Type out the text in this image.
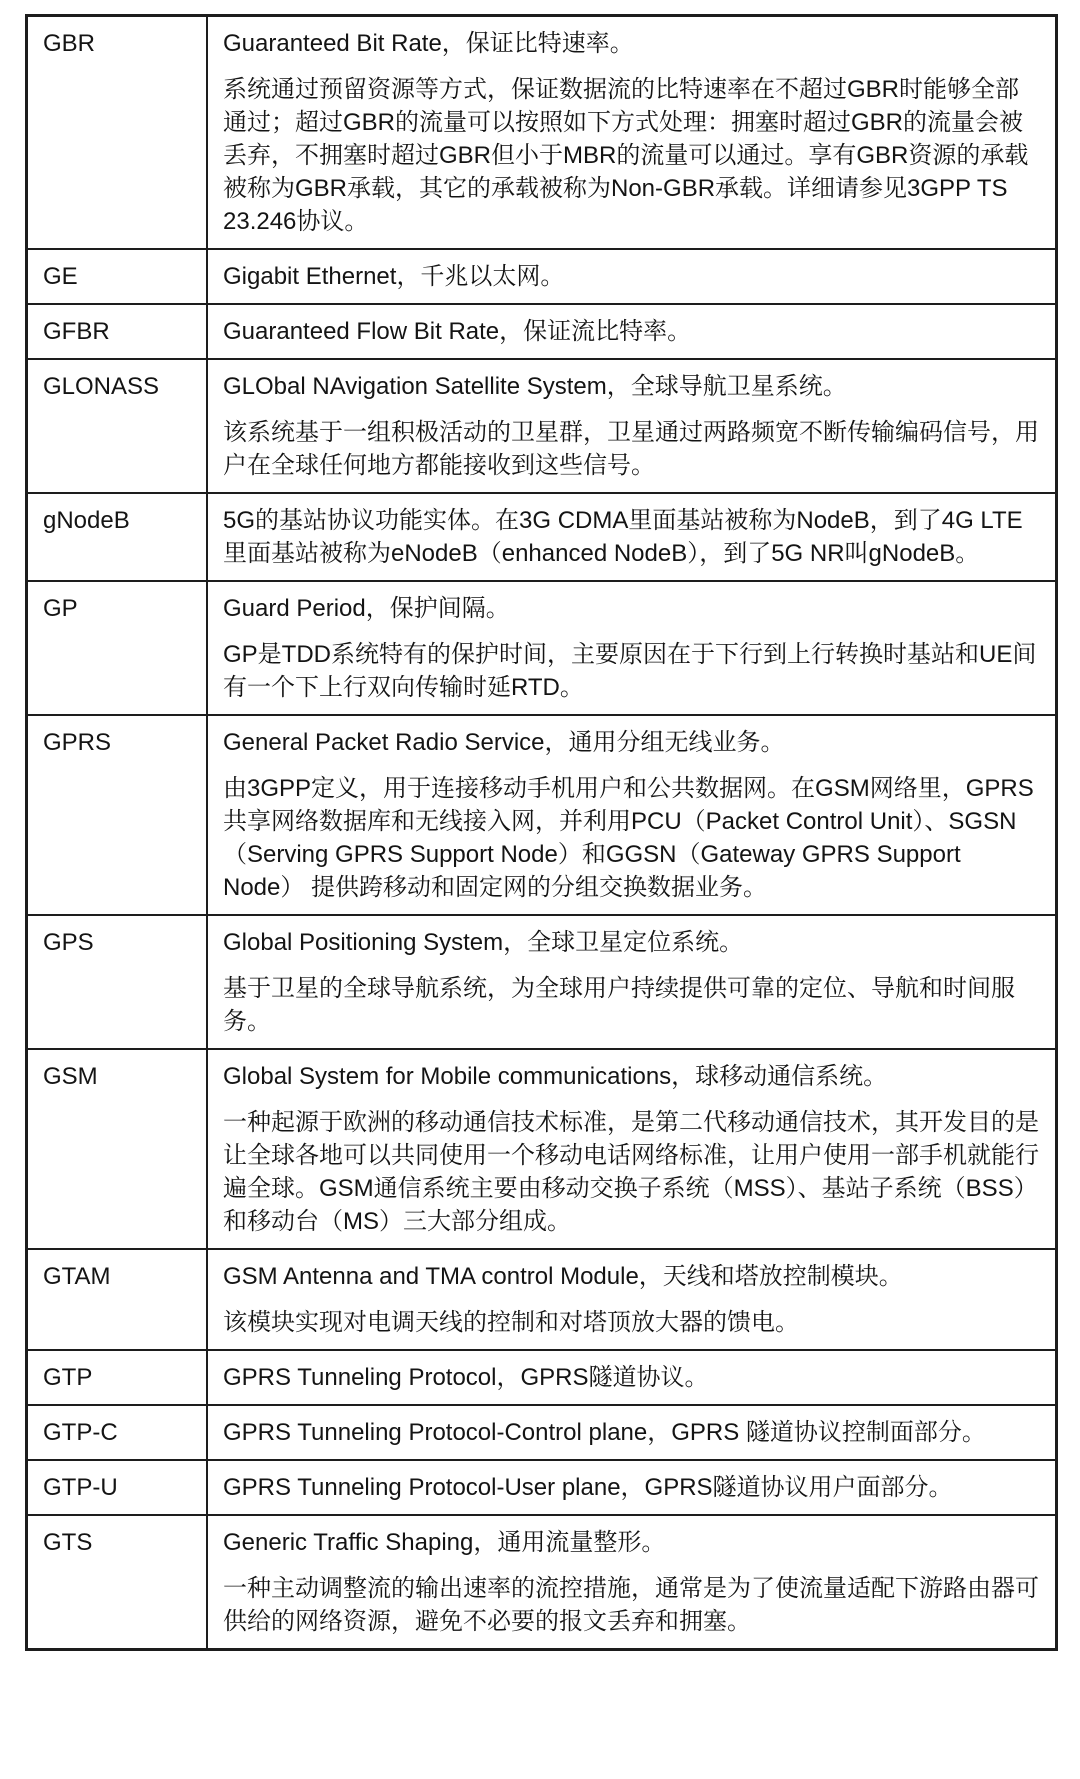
GBR	Guaranteed Bit Rate，保证比特速率。

系统通过预留资源等方式，保证数据流的比特速率在不超过GBR时能够全部通过；超过GBR的流量可以按照如下方式处理：拥塞时超过GBR的流量会被丢弃，不拥塞时超过GBR但小于MBR的流量可以通过。享有GBR资源的承载被称为GBR承载，其它的承载被称为Non-GBR承载。详细请参见3GPP TS 23.246协议。

GE	Gigabit Ethernet，千兆以太网。

GFBR	Guaranteed Flow Bit Rate，保证流比特率。

GLONASS	GLObal NAvigation Satellite System，全球导航卫星系统。

该系统基于一组积极活动的卫星群，卫星通过两路频宽不断传输编码信号，用户在全球任何地方都能接收到这些信号。

gNodeB	5G的基站协议功能实体。在3G CDMA里面基站被称为NodeB，到了4G LTE里面基站被称为eNodeB（enhanced NodeB），到了5G NR叫gNodeB。

GP	Guard Period，保护间隔。

GP是TDD系统特有的保护时间，主要原因在于下行到上行转换时基站和UE间有一个下上行双向传输时延RTD。

GPRS	General Packet Radio Service，通用分组无线业务。

由3GPP定义，用于连接移动手机用户和公共数据网。在GSM网络里，GPRS共享网络数据库和无线接入网，并利用PCU（Packet Control Unit）、SGSN（Serving GPRS Support Node）和GGSN（Gateway GPRS Support Node） 提供跨移动和固定网的分组交换数据业务。

GPS	Global Positioning System，全球卫星定位系统。

基于卫星的全球导航系统，为全球用户持续提供可靠的定位、导航和时间服务。

GSM	Global System for Mobile communications，球移动通信系统。

一种起源于欧洲的移动通信技术标准，是第二代移动通信技术，其开发目的是让全球各地可以共同使用一个移动电话网络标准，让用户使用一部手机就能行遍全球。GSM通信系统主要由移动交换子系统（MSS）、基站子系统（BSS）和移动台（MS）三大部分组成。

GTAM	GSM Antenna and TMA control Module，天线和塔放控制模块。

该模块实现对电调天线的控制和对塔顶放大器的馈电。

GTP	GPRS Tunneling Protocol，GPRS隧道协议。

GTP-C	GPRS Tunneling Protocol-Control plane，GPRS 隧道协议控制面部分。

GTP-U	GPRS Tunneling Protocol-User plane，GPRS隧道协议用户面部分。

GTS	Generic Traffic Shaping，通用流量整形。

一种主动调整流的输出速率的流控措施，通常是为了使流量适配下游路由器可供给的网络资源，避免不必要的报文丢弃和拥塞。
